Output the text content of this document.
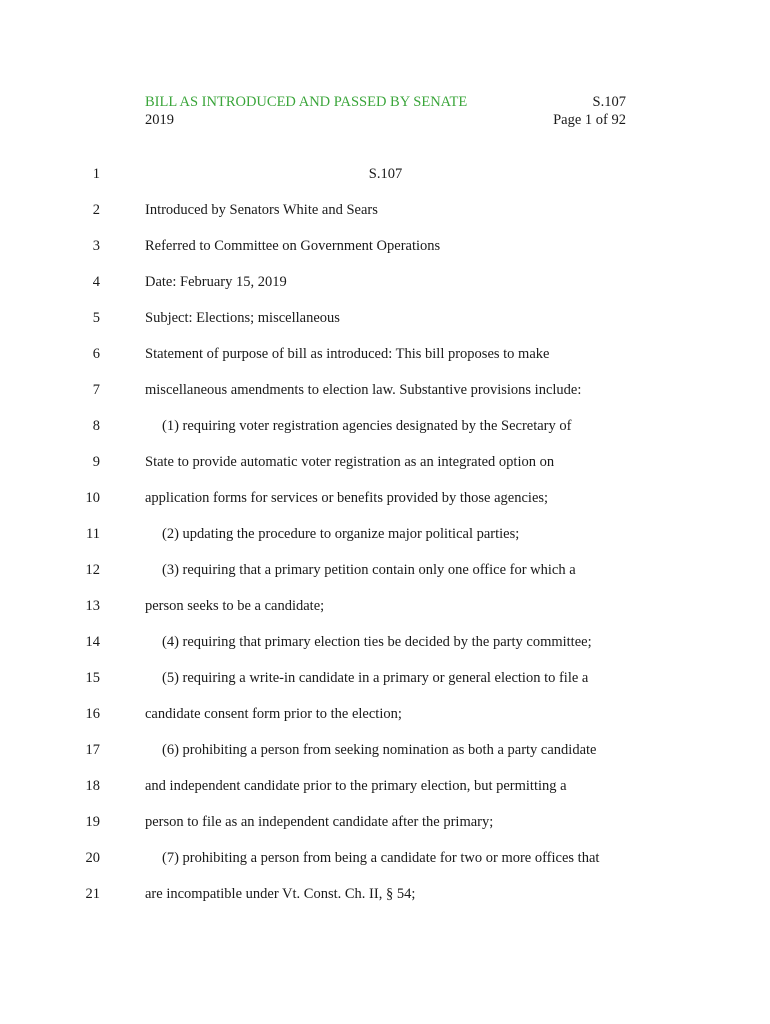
BILL AS INTRODUCED AND PASSED BY SENATE
2019
S.107
Page 1 of 92
1	S.107
2	Introduced by Senators White and Sears
3	Referred to Committee on Government Operations
4	Date: February 15, 2019
5	Subject: Elections; miscellaneous
6	Statement of purpose of bill as introduced: This bill proposes to make
7	miscellaneous amendments to election law. Substantive provisions include:
8	(1) requiring voter registration agencies designated by the Secretary of
9	State to provide automatic voter registration as an integrated option on
10	application forms for services or benefits provided by those agencies;
11	(2) updating the procedure to organize major political parties;
12	(3) requiring that a primary petition contain only one office for which a
13	person seeks to be a candidate;
14	(4) requiring that primary election ties be decided by the party committee;
15	(5) requiring a write-in candidate in a primary or general election to file a
16	candidate consent form prior to the election;
17	(6) prohibiting a person from seeking nomination as both a party candidate
18	and independent candidate prior to the primary election, but permitting a
19	person to file as an independent candidate after the primary;
20	(7) prohibiting a person from being a candidate for two or more offices that
21	are incompatible under Vt. Const. Ch. II, § 54;
